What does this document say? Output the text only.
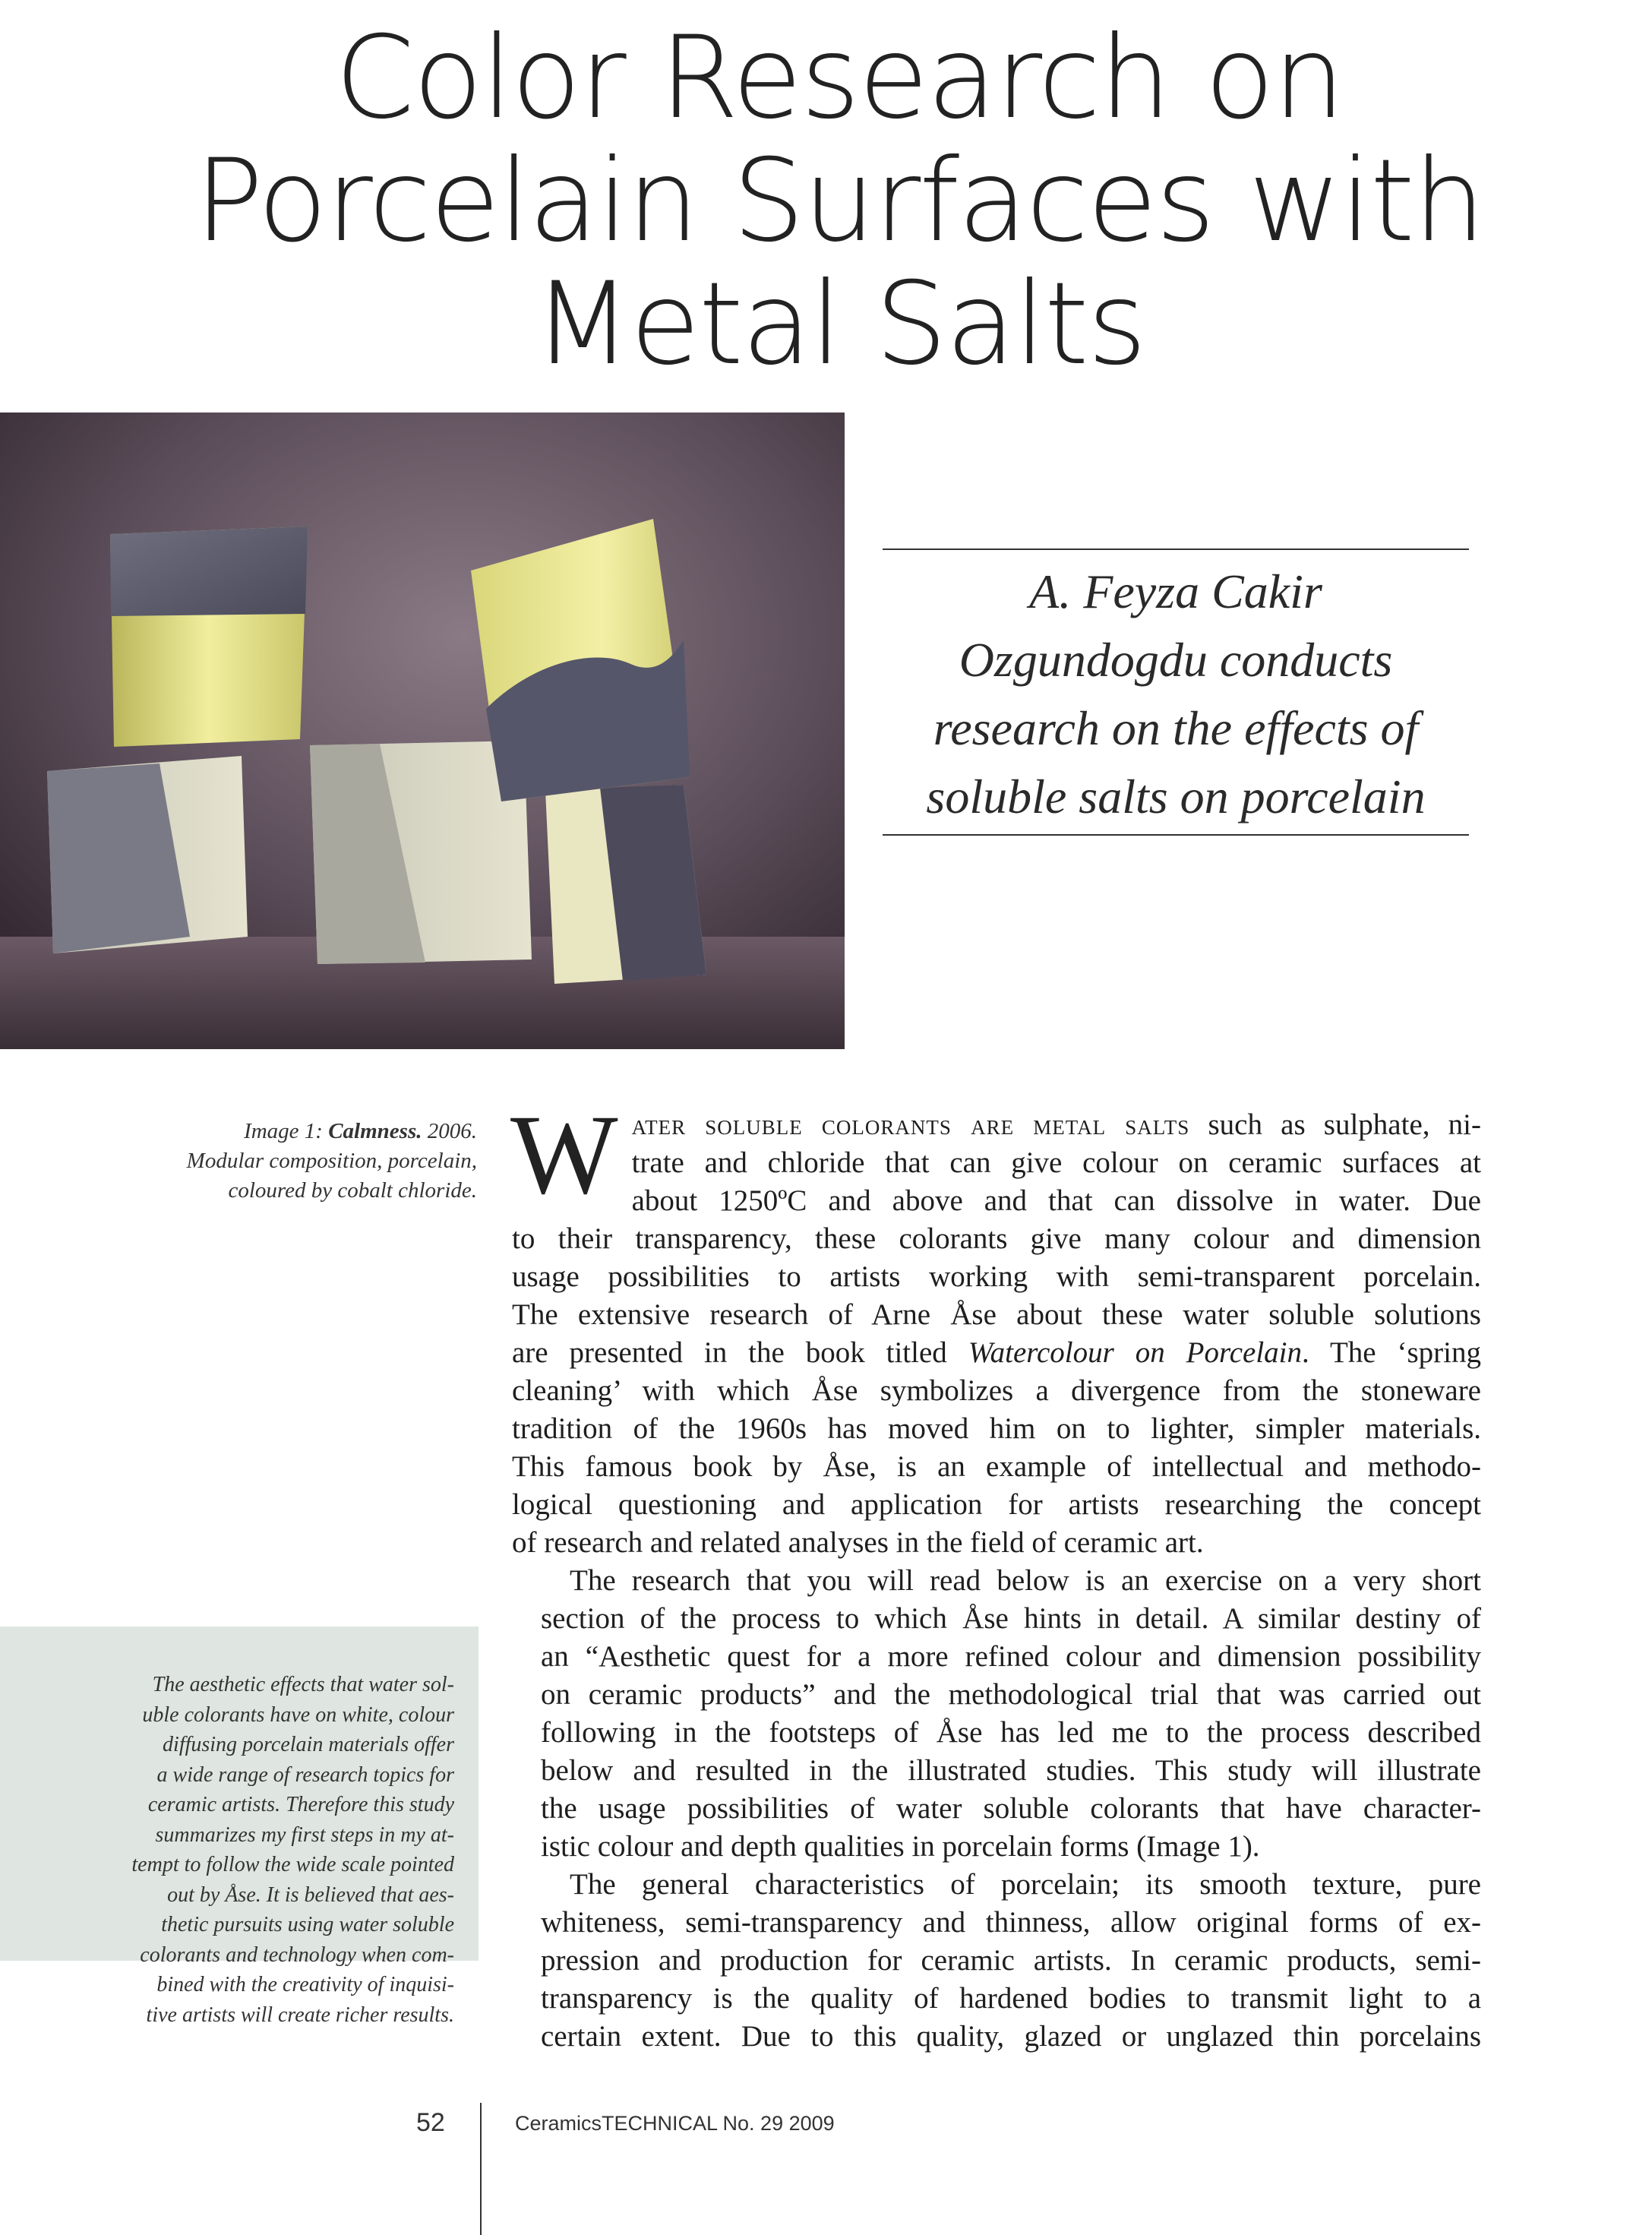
Color Research on
Porcelain Surfaces with
Metal Salts
A. Feyza Cakir
Ozgundogdu conducts
research on the effects of
soluble salts on porcelain
Image 1: Calmness. 2006.
Modular composition, porcelain,
coloured by cobalt chloride.
The aesthetic effects that water sol-
uble colorants have on white, colour
diffusing porcelain materials offer
a wide range of research topics for
ceramic artists. Therefore this study
summarizes my first steps in my at-
tempt to follow the wide scale pointed
out by Åse. It is believed that aes-
thetic pursuits using water soluble
colorants and technology when com-
bined with the creativity of inquisi-
tive artists will create richer results.

W ater soluble colorants are metal salts such as sulphate, ni-
trate and chloride that can give colour on ceramic surfaces at
about 1250ºC and above and that can dissolve in water. Due
to their transparency, these colorants give many colour and dimension
usage possibilities to artists working with semi-transparent porcelain.
The extensive research of Arne Åse about these water soluble solutions
are presented in the book titled Watercolour on Porcelain. The ‘spring
cleaning’ with which Åse symbolizes a divergence from the stoneware
tradition of the 1960s has moved him on to lighter, simpler materials.
This famous book by Åse, is an example of intellectual and methodo-
logical questioning and application for artists researching the concept
of research and related analyses in the field of ceramic art.

The research that you will read below is an exercise on a very short
section of the process to which Åse hints in detail. A similar destiny of
an “Aesthetic quest for a more refined colour and dimension possibility
on ceramic products” and the methodological trial that was carried out
following in the footsteps of Åse has led me to the process described
below and resulted in the illustrated studies. This study will illustrate
the usage possibilities of water soluble colorants that have character-
istic colour and depth qualities in porcelain forms (Image 1).

The general characteristics of porcelain; its smooth texture, pure
whiteness, semi-transparency and thinness, allow original forms of ex-
pression and production for ceramic artists. In ceramic products, semi-
transparency is the quality of hardened bodies to transmit light to a
certain extent. Due to this quality, glazed or unglazed thin porcelains

52	CeramicsTECHNICAL No. 29 2009
